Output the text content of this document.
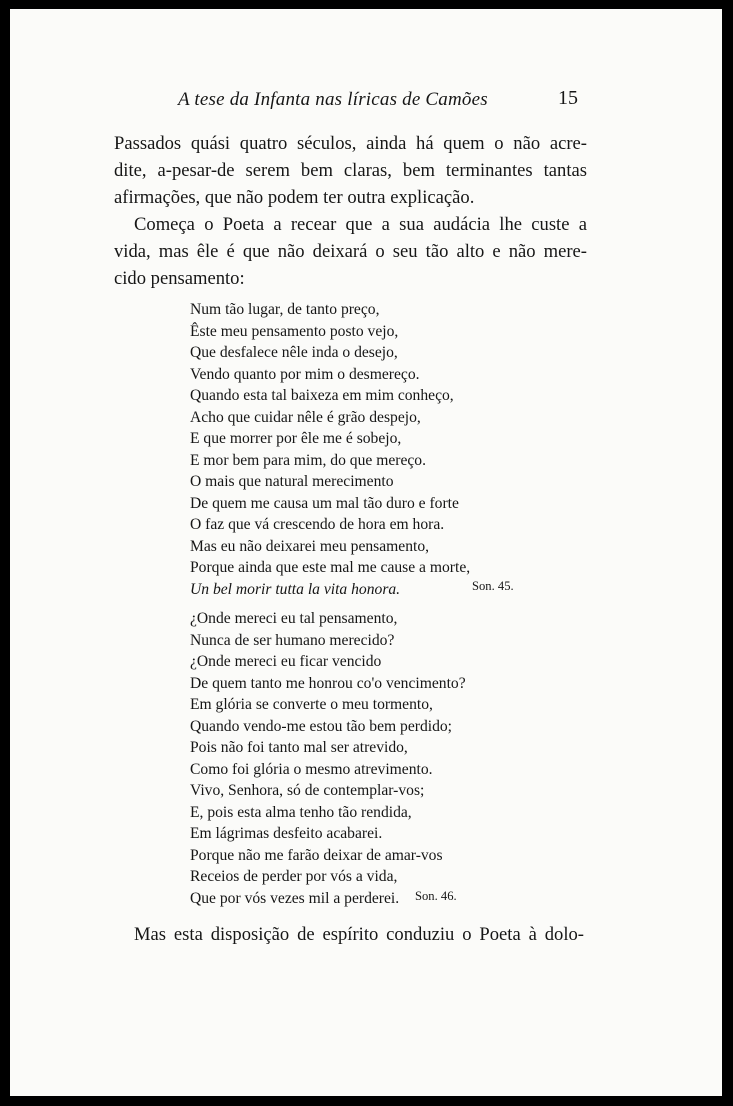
A tese da Infanta nas líricas de Camões	15

Passados quási quatro séculos, ainda há quem o não acre-
dite, a-pesar-de serem bem claras, bem terminantes tantas
afirmações, que não podem ter outra explicação.

Começa o Poeta a recear que a sua audácia lhe custe a
vida, mas êle é que não deixará o seu tão alto e não mere-
cido pensamento:

Num tão lugar, de tanto preço,
Êste meu pensamento posto vejo,
Que desfalece nêle inda o desejo,
Vendo quanto por mim o desmereço.
Quando esta tal baixeza em mim conheço,
Acho que cuidar nêle é grão despejo,
E que morrer por êle me é sobejo,
E mor bem para mim, do que mereço.
O mais que natural merecimento
De quem me causa um mal tão duro e forte
O faz que vá crescendo de hora em hora.
Mas eu não deixarei meu pensamento,
Porque ainda que este mal me cause a morte,
Un bel morir tutta la vita honora.	Son. 45.
¿Onde mereci eu tal pensamento,
Nunca de ser humano merecido?
¿Onde mereci eu ficar vencido
De quem tanto me honrou co'o vencimento?
Em glória se converte o meu tormento,
Quando vendo-me estou tão bem perdido;
Pois não foi tanto mal ser atrevido,
Como foi glória o mesmo atrevimento.
Vivo, Senhora, só de contemplar-vos;
E, pois esta alma tenho tão rendida,
Em lágrimas desfeito acabarei.
Porque não me farão deixar de amar-vos
Receios de perder por vós a vida,
Que por vós vezes mil a perderei.	Son. 46.

Mas esta disposição de espírito conduziu o Poeta à dolo-
